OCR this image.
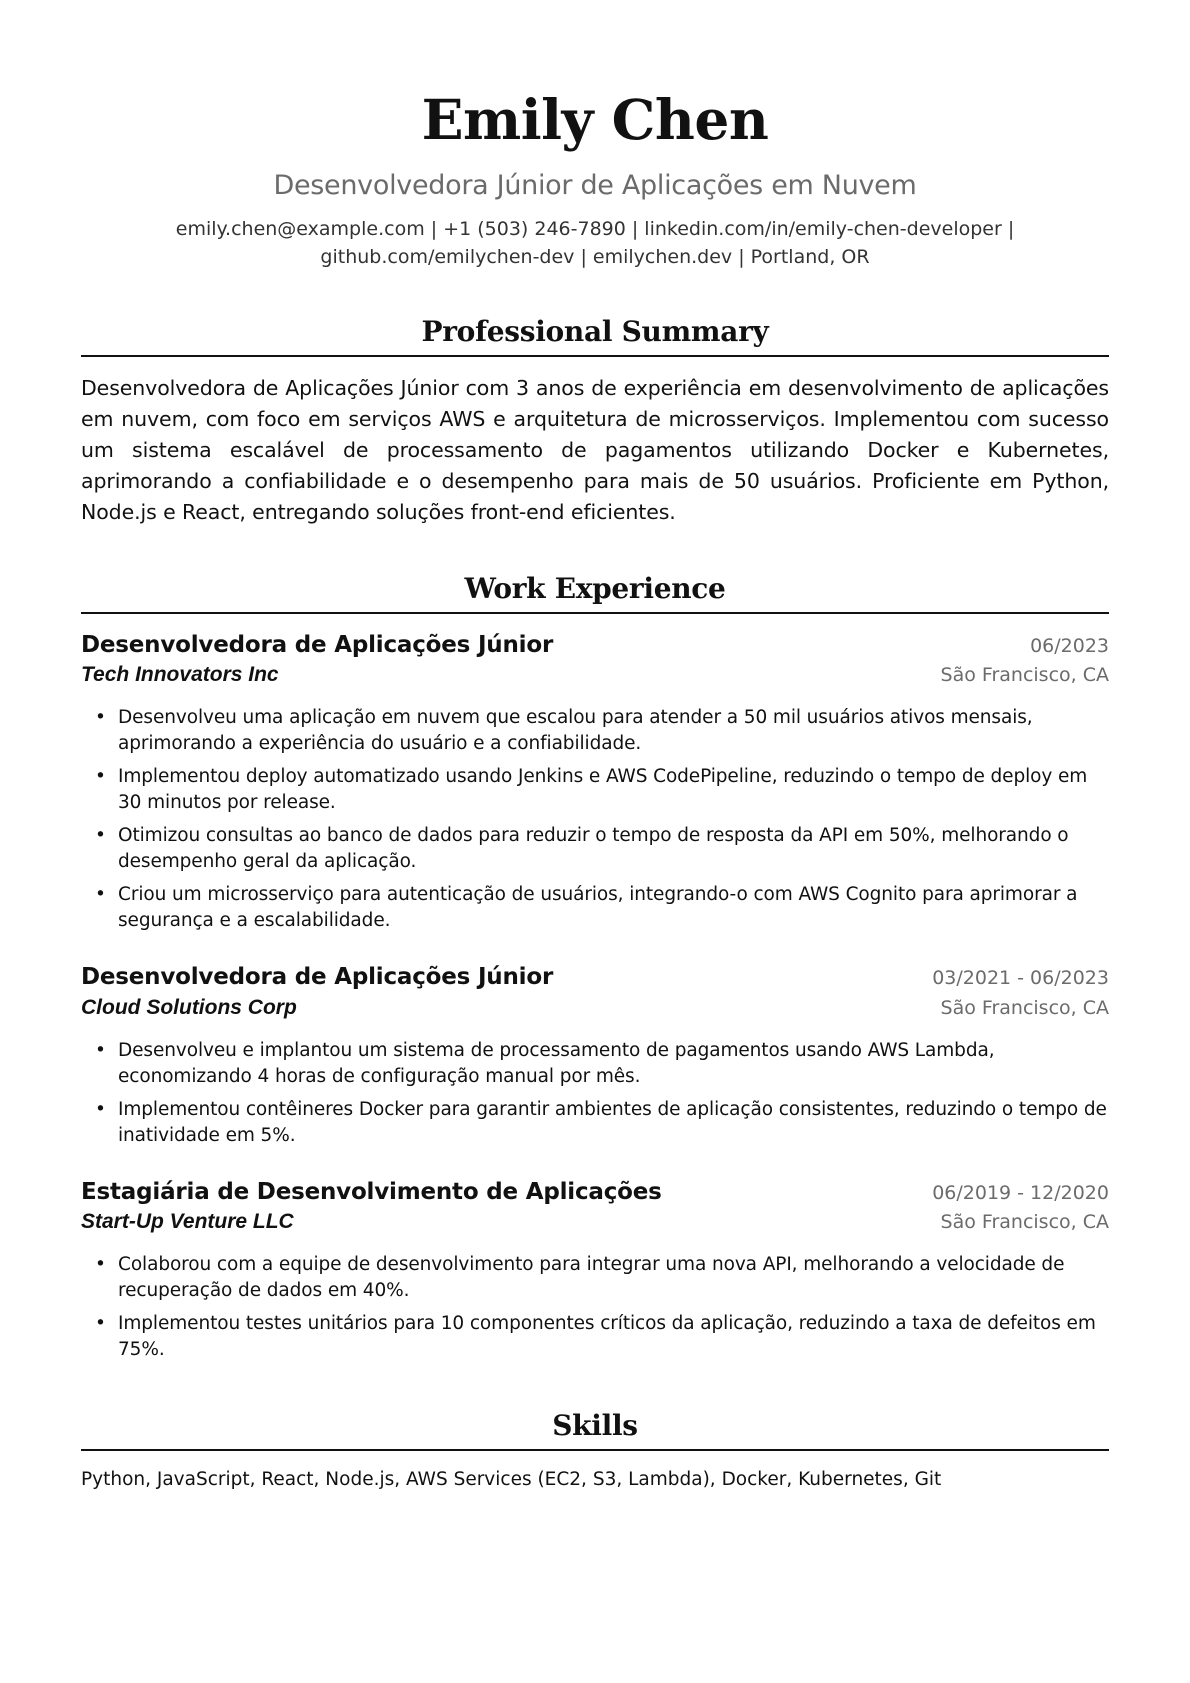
Emily Chen
Desenvolvedora Júnior de Aplicações em Nuvem
emily.chen@example.com | +1 (503) 246-7890 | linkedin.com/in/emily-chen-developer |
github.com/emilychen-dev | emilychen.dev | Portland, OR
Professional Summary

Desenvolvedora de Aplicações Júnior com 3 anos de experiência em desenvolvimento de aplicações em nuvem, com foco em serviços AWS e arquitetura de microsserviços. Implementou com sucesso um sistema escalável de processamento de pagamentos utilizando Docker e Kubernetes, aprimorando a confiabilidade e o desempenho para mais de 50 usuários. Proficiente em Python, Node.js e React, entregando soluções front-end eficientes.

Work Experience
Desenvolvedora de Aplicações Júnior	06/2023
Tech Innovators Inc	São Francisco, CA
• Desenvolveu uma aplicação em nuvem que escalou para atender a 50 mil usuários ativos mensais, aprimorando a experiência do usuário e a confiabilidade.
• Implementou deploy automatizado usando Jenkins e AWS CodePipeline, reduzindo o tempo de deploy em 30 minutos por release.
• Otimizou consultas ao banco de dados para reduzir o tempo de resposta da API em 50%, melhorando o desempenho geral da aplicação.
• Criou um microsserviço para autenticação de usuários, integrando-o com AWS Cognito para aprimorar a segurança e a escalabilidade.
Desenvolvedora de Aplicações Júnior	03/2021 - 06/2023
Cloud Solutions Corp	São Francisco, CA
• Desenvolveu e implantou um sistema de processamento de pagamentos usando AWS Lambda, economizando 4 horas de configuração manual por mês.
• Implementou contêineres Docker para garantir ambientes de aplicação consistentes, reduzindo o tempo de inatividade em 5%.
Estagiária de Desenvolvimento de Aplicações	06/2019 - 12/2020
Start-Up Venture LLC	São Francisco, CA
• Colaborou com a equipe de desenvolvimento para integrar uma nova API, melhorando a velocidade de recuperação de dados em 40%.
• Implementou testes unitários para 10 componentes críticos da aplicação, reduzindo a taxa de defeitos em 75%.
Skills
Python, JavaScript, React, Node.js, AWS Services (EC2, S3, Lambda), Docker, Kubernetes, Git
